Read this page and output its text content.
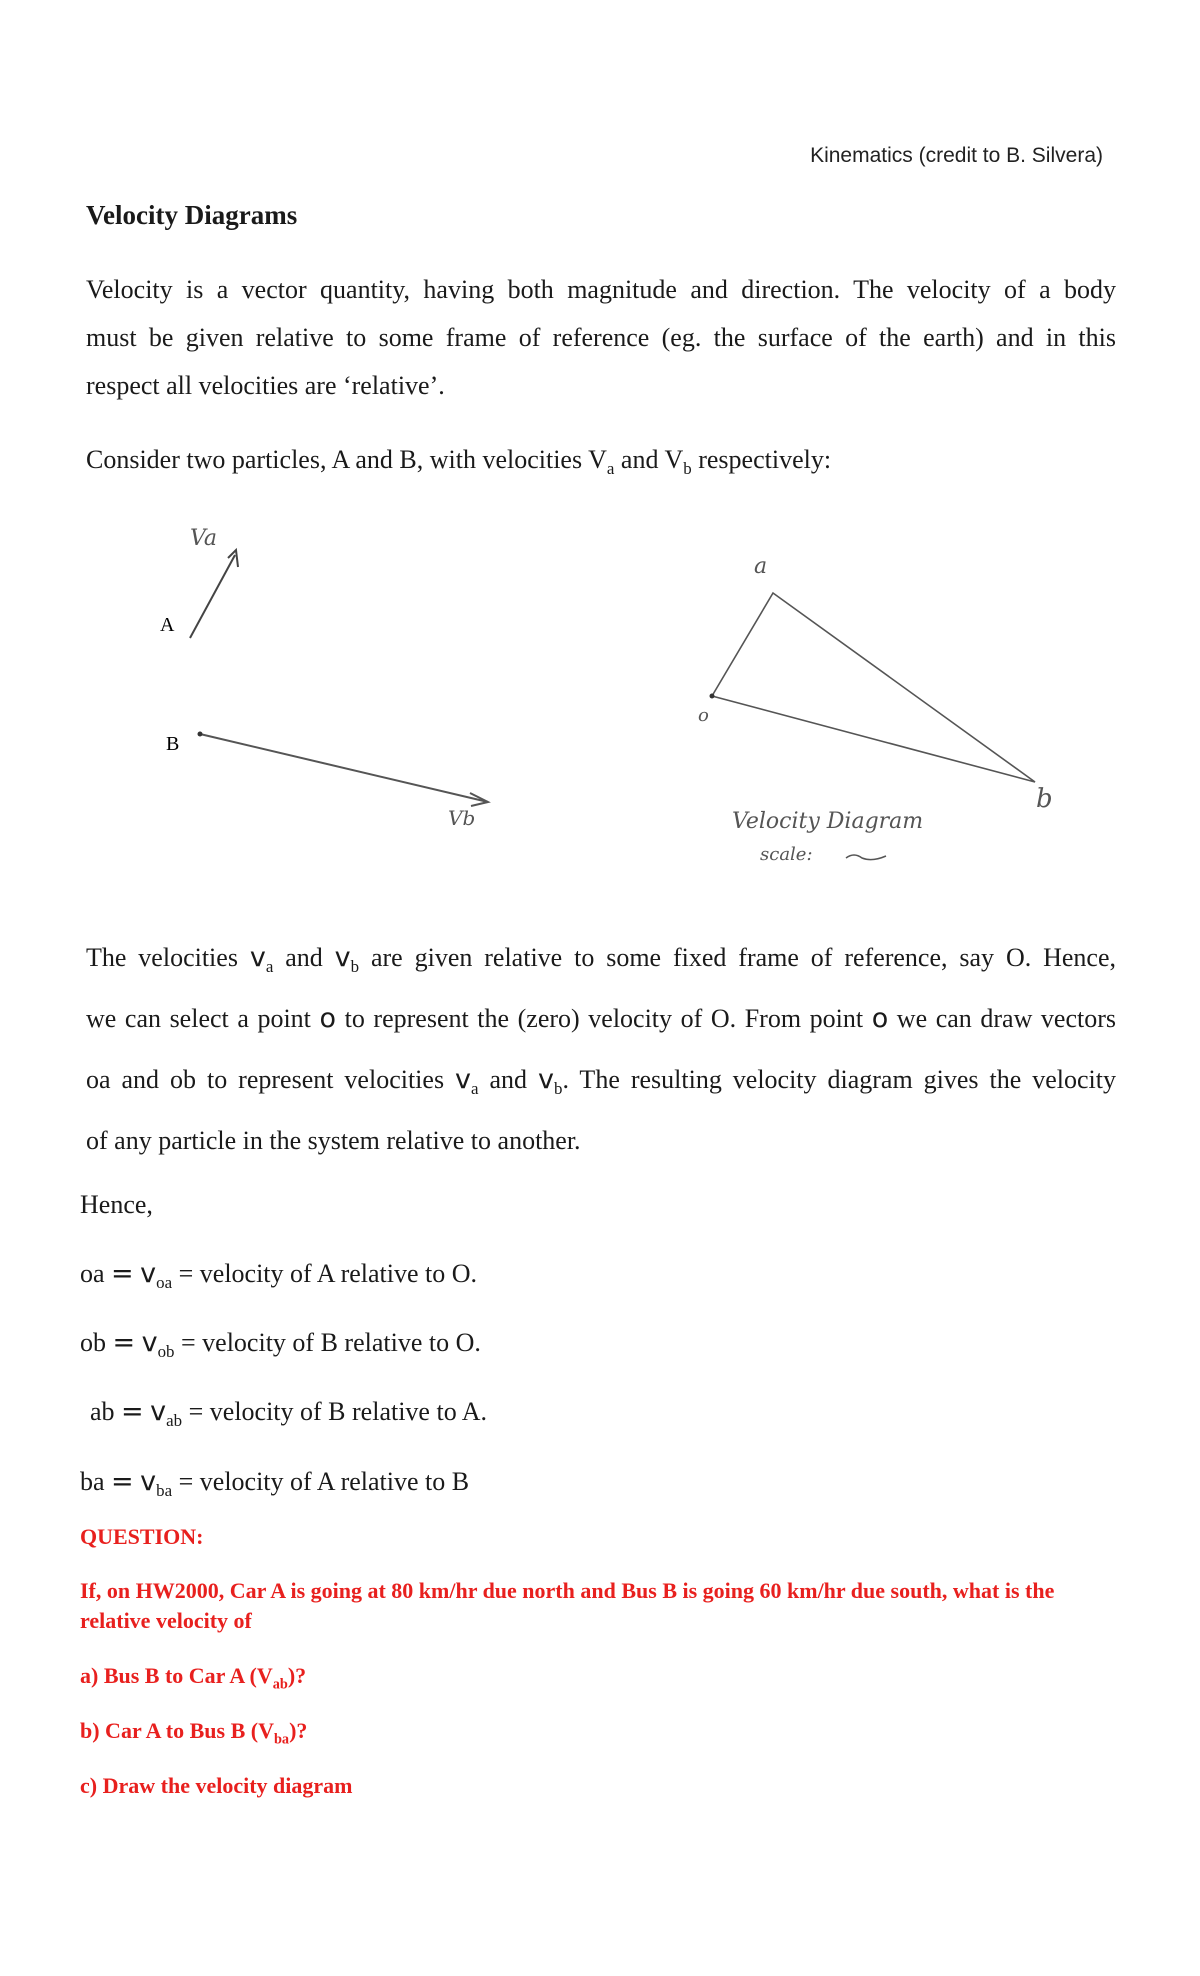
Kinematics (credit to B. Silvera)
Velocity Diagrams
Velocity is a vector quantity, having both magnitude and direction. The velocity of a body
must be given relative to some frame of reference (eg. the surface of the earth) and in this
respect all velocities are ‘relative’.
Consider two particles, A and B, with velocities $V_a$ and $V_b$ respectively:
A
Va
B
Vb
o
a
b
Velocity Diagram
scale:
The velocities $v_a$ and $v_b$ are given relative to some fixed frame of reference, say O. Hence,
we can select a point o to represent the (zero) velocity of O. From point o we can draw vectors
oa and ob to represent velocities $v_a$ and $v_b$. The resulting velocity diagram gives the velocity
of any particle in the system relative to another.
Hence,
oa = $v_{oa}$ = velocity of A relative to O.
ob = $v_{ob}$ = velocity of B relative to O.
ab = $v_{ab}$ = velocity of B relative to A.
ba = $v_{ba}$ = velocity of A relative to B
QUESTION:
If, on HW2000, Car A is going at 80 km/hr due north and Bus B is going 60 km/hr due south, what is the relative velocity of
a) Bus B to Car A $(V_{ab})$?
b) Car A to Bus B $(V_{ba})$?
c) Draw the velocity diagram
